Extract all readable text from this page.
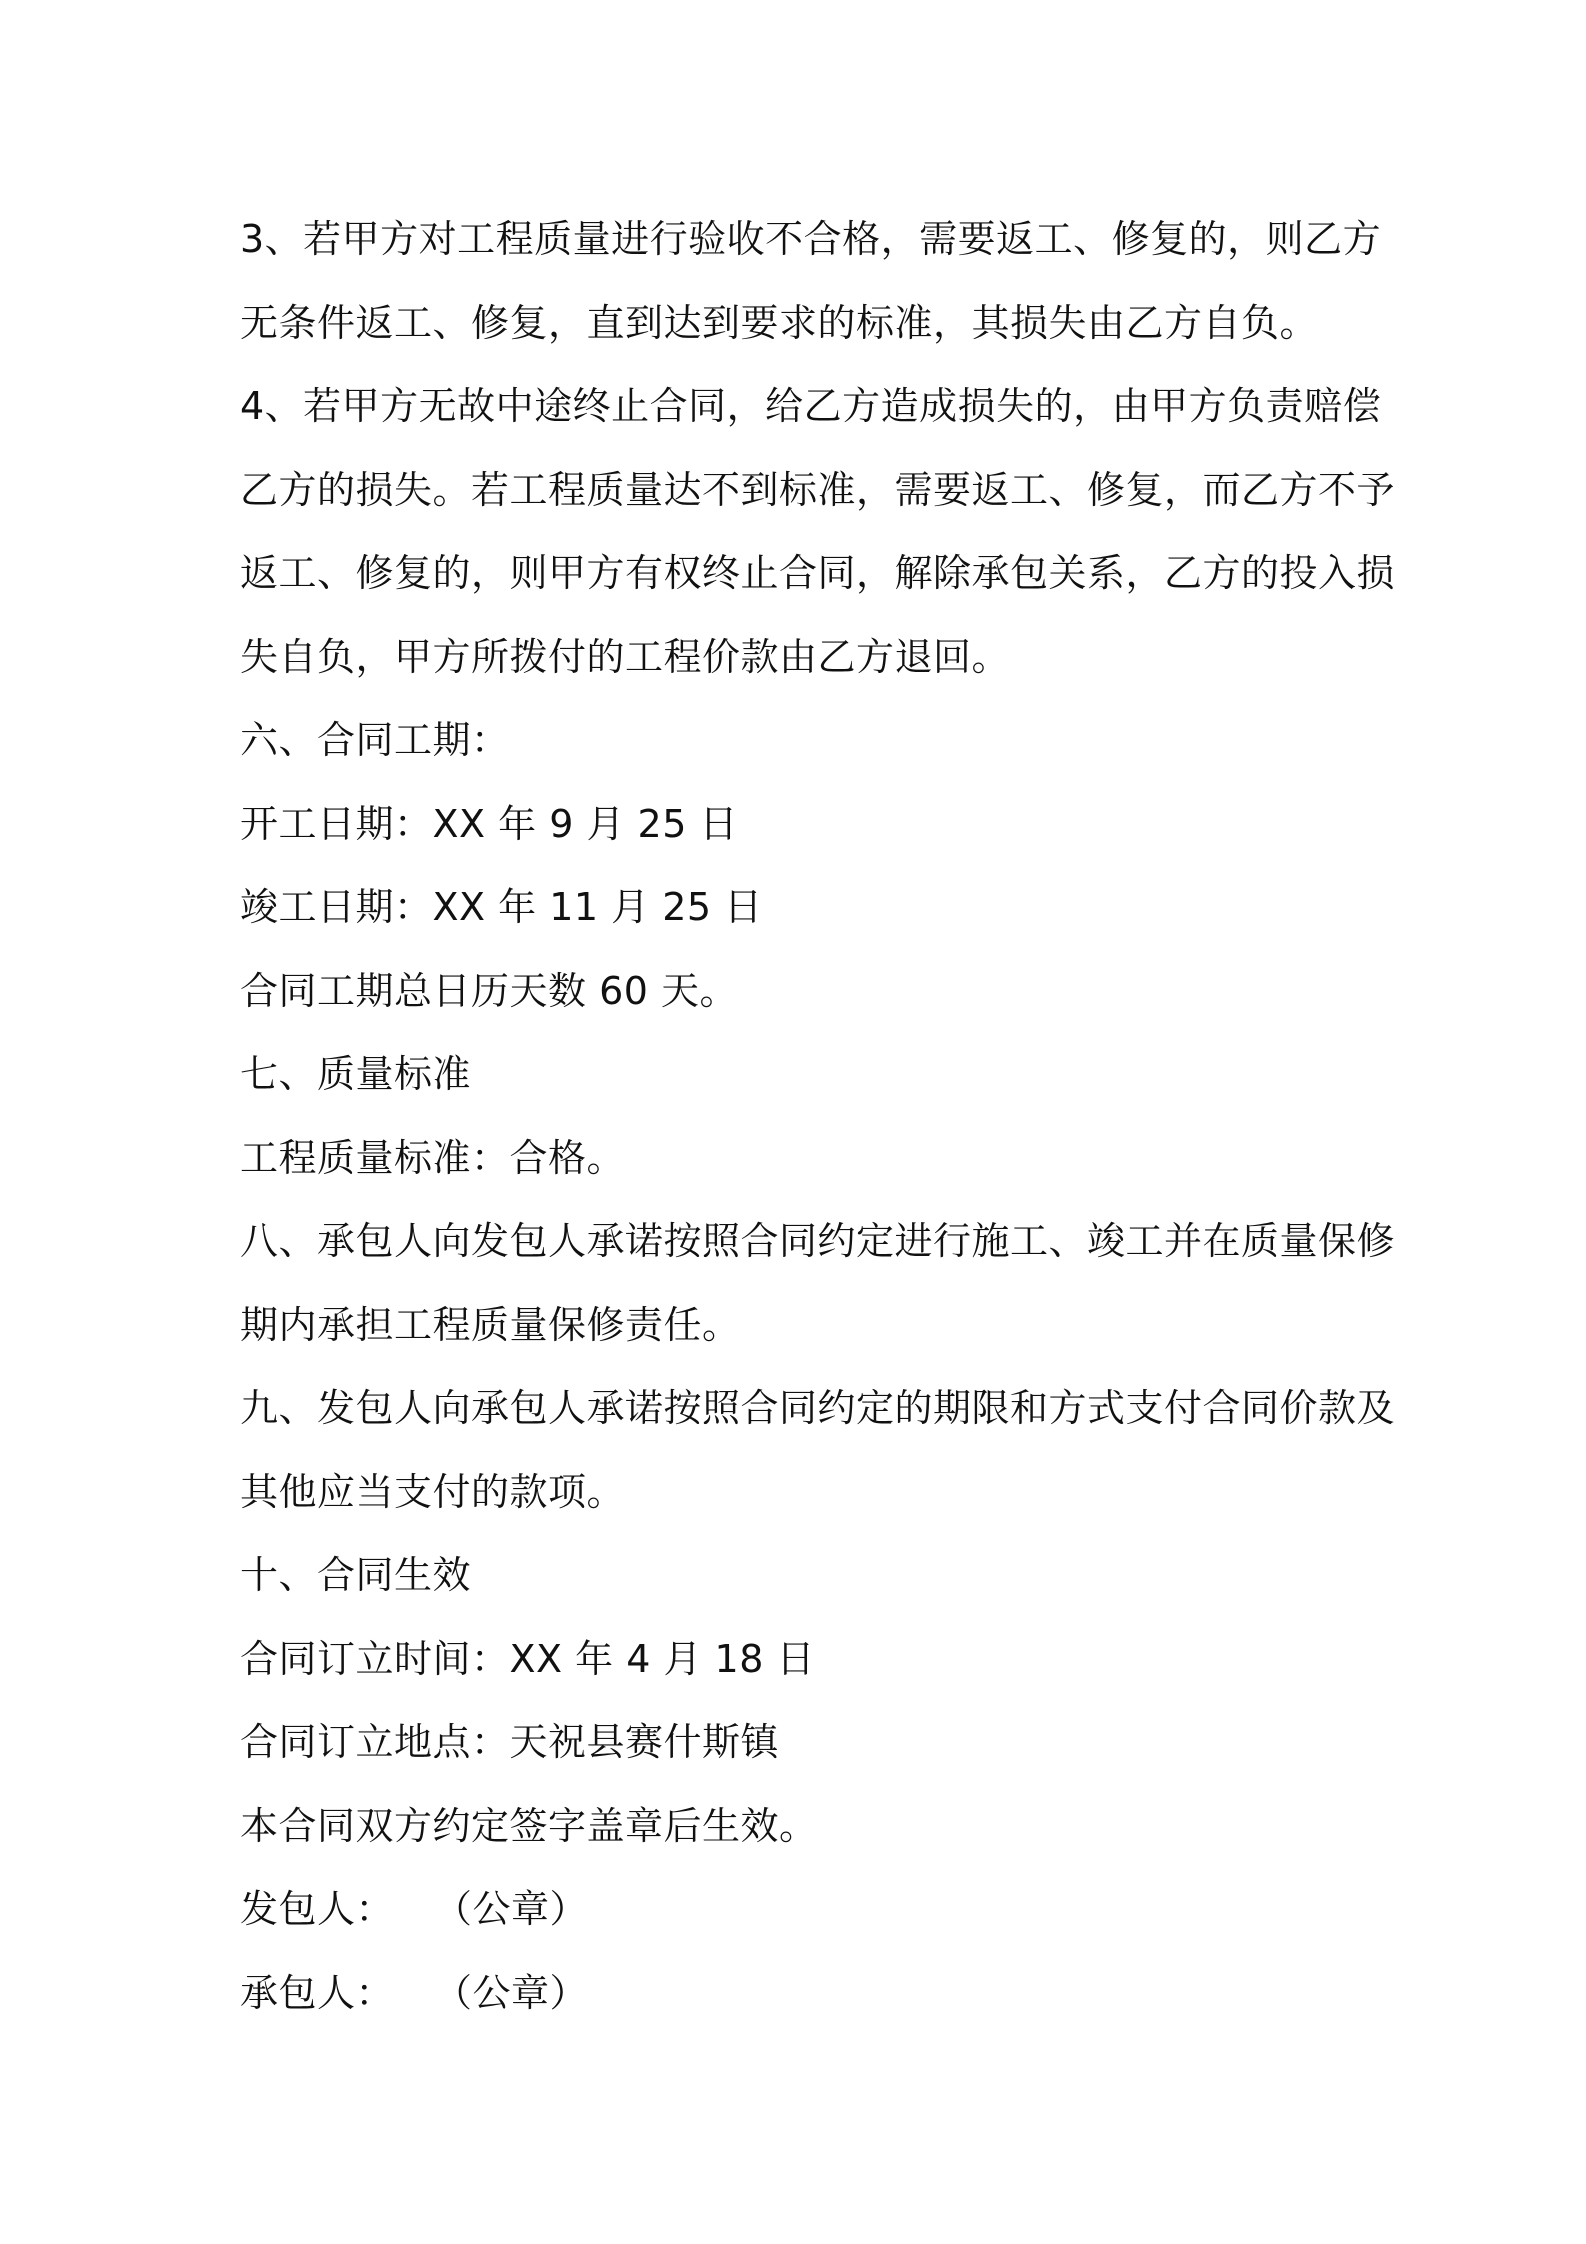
3、若甲方对工程质量进行验收不合格，需要返工、修复的，则乙方
无条件返工、修复，直到达到要求的标准，其损失由乙方自负。
4、若甲方无故中途终止合同，给乙方造成损失的，由甲方负责赔偿
乙方的损失。若工程质量达不到标准，需要返工、修复，而乙方不予
返工、修复的，则甲方有权终止合同，解除承包关系，乙方的投入损
失自负，甲方所拨付的工程价款由乙方退回。
六、合同工期：
开工日期：XX 年 9 月 25 日
竣工日期：XX 年 11 月 25 日
合同工期总日历天数 60 天。
七、质量标准
工程质量标准：合格。
八、承包人向发包人承诺按照合同约定进行施工、竣工并在质量保修
期内承担工程质量保修责任。
九、发包人向承包人承诺按照合同约定的期限和方式支付合同价款及
其他应当支付的款项。
十、合同生效
合同订立时间：XX 年 4 月 18 日
合同订立地点：天祝县赛什斯镇
本合同双方约定签字盖章后生效。
发包人： （公章）
承包人： （公章）
